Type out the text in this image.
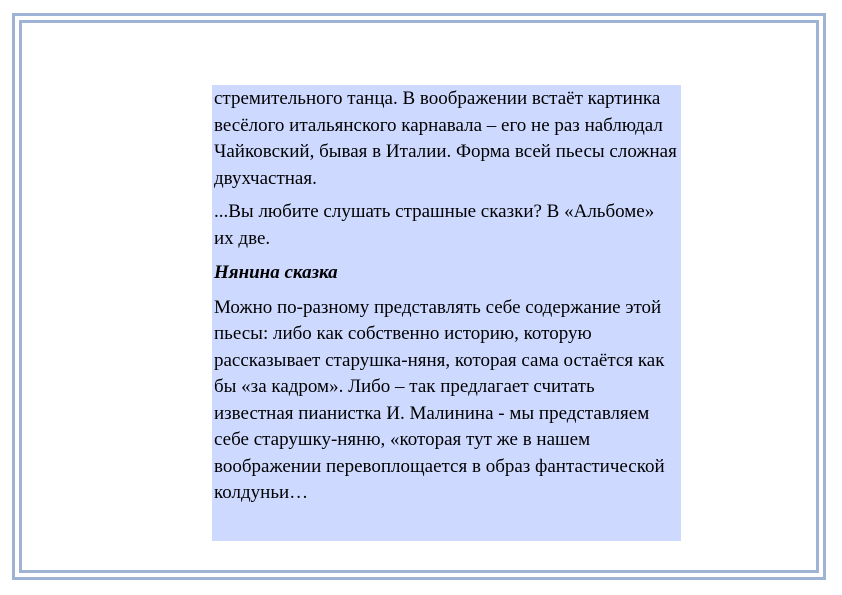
стремительного танца. В воображении встаёт картинка весёлого итальянского карнавала – его не раз наблюдал Чайковский, бывая в Италии. Форма всей пьесы сложная двухчастная.

...Вы любите слушать страшные сказки? В «Альбоме» их две.

Нянина сказка

Можно по-разному представлять себе содержание этой пьесы: либо как собственно историю, которую рассказывает старушка-няня, которая сама остаётся как бы «за кадром». Либо – так предлагает считать известная пианистка И. Малинина - мы представляем себе старушку-няню, «которая тут же в нашем воображении перевоплощается в образ фантастической колдуньи…
